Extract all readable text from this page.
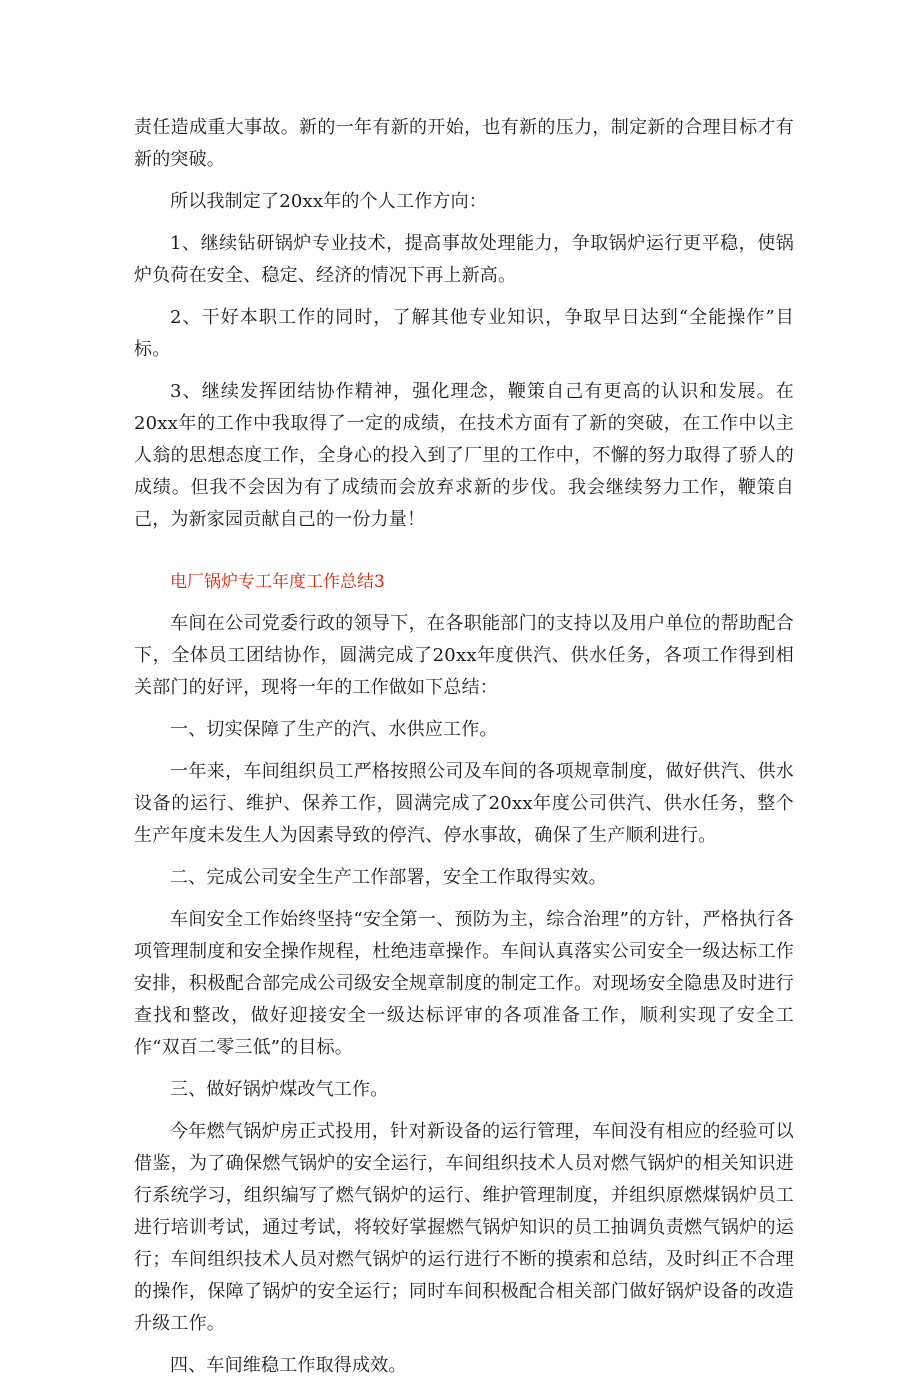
责任造成重大事故。新的一年有新的开始，也有新的压力，制定新的合理目标才有新的突破。

所以我制定了20xx年的个人工作方向：

1、继续钻研锅炉专业技术，提高事故处理能力，争取锅炉运行更平稳，使锅炉负荷在安全、稳定、经济的情况下再上新高。

2、干好本职工作的同时，了解其他专业知识，争取早日达到“全能操作”目标。

3、继续发挥团结协作精神，强化理念，鞭策自己有更高的认识和发展。在20xx年的工作中我取得了一定的成绩，在技术方面有了新的突破，在工作中以主人翁的思想态度工作，全身心的投入到了厂里的工作中，不懈的努力取得了骄人的成绩。但我不会因为有了成绩而会放弃求新的步伐。我会继续努力工作，鞭策自己，为新家园贡献自己的一份力量！

电厂锅炉专工年度工作总结3

车间在公司党委行政的领导下，在各职能部门的支持以及用户单位的帮助配合下，全体员工团结协作，圆满完成了20xx年度供汽、供水任务，各项工作得到相关部门的好评，现将一年的工作做如下总结：

一、切实保障了生产的汽、水供应工作。

一年来，车间组织员工严格按照公司及车间的各项规章制度，做好供汽、供水设备的运行、维护、保养工作，圆满完成了20xx年度公司供汽、供水任务，整个生产年度未发生人为因素导致的停汽、停水事故，确保了生产顺利进行。

二、完成公司安全生产工作部署，安全工作取得实效。

车间安全工作始终坚持“安全第一、预防为主，综合治理”的方针，严格执行各项管理制度和安全操作规程，杜绝违章操作。车间认真落实公司安全一级达标工作安排，积极配合部完成公司级安全规章制度的制定工作。对现场安全隐患及时进行查找和整改，做好迎接安全一级达标评审的各项准备工作，顺利实现了安全工作“双百二零三低”的目标。

三、做好锅炉煤改气工作。

今年燃气锅炉房正式投用，针对新设备的运行管理，车间没有相应的经验可以借鉴，为了确保燃气锅炉的安全运行，车间组织技术人员对燃气锅炉的相关知识进行系统学习，组织编写了燃气锅炉的运行、维护管理制度，并组织原燃煤锅炉员工进行培训考试，通过考试，将较好掌握燃气锅炉知识的员工抽调负责燃气锅炉的运行；车间组织技术人员对燃气锅炉的运行进行不断的摸索和总结，及时纠正不合理的操作，保障了锅炉的安全运行；同时车间积极配合相关部门做好锅炉设备的改造升级工作。

四、车间维稳工作取得成效。
